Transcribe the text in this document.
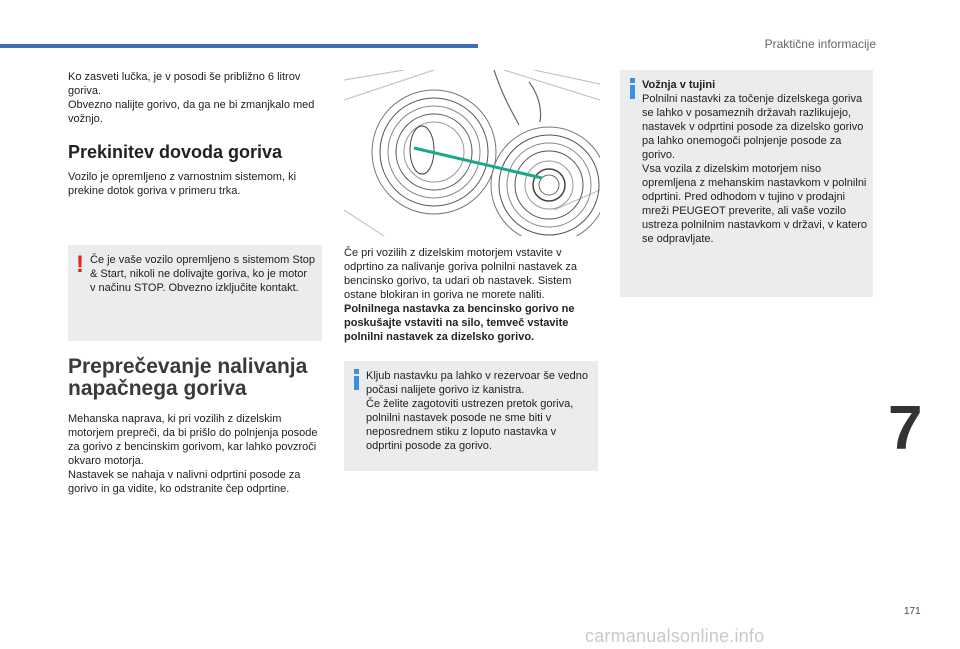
Praktične informacije

Ko zasveti lučka, je v posodi še približno 6 litrov goriva.

Obvezno nalijte gorivo, da ga ne bi zmanjkalo med vožnjo.

Prekinitev dovoda goriva

Vozilo je opremljeno z varnostnim sistemom, ki prekine dotok goriva v primeru trka.

! Če je vaše vozilo opremljeno s sistemom Stop & Start, nikoli ne dolivajte goriva, ko je motor v načinu STOP. Obvezno izključite kontakt.
Preprečevanje nalivanja napačnega goriva

Mehanska naprava, ki pri vozilih z dizelskim motorjem prepreči, da bi prišlo do polnjenja posode za gorivo z bencinskim gorivom, kar lahko povzroči okvaro motorja.

Nastavek se nahaja v nalivni odprtini posode za gorivo in ga vidite, ko odstranite čep odprtine.

Če pri vozilih z dizelskim motorjem vstavite v odprtino za nalivanje goriva polnilni nastavek za bencinsko gorivo, ta udari ob nastavek. Sistem ostane blokiran in goriva ne morete naliti.

Polnilnega nastavka za bencinsko gorivo ne poskušajte vstaviti na silo, temveč vstavite polnilni nastavek za dizelsko gorivo.

Kljub nastavku pa lahko v rezervoar še vedno počasi nalijete gorivo iz kanistra.

Če želite zagotoviti ustrezen pretok goriva, polnilni nastavek posode ne sme biti v neposrednem stiku z loputo nastavka v odprtini posode za gorivo.

Vožnja v tujini

Polnilni nastavki za točenje dizelskega goriva se lahko v posameznih državah razlikujejo, nastavek v odprtini posode za dizelsko gorivo pa lahko onemogoči polnjenje posode za gorivo.

Vsa vozila z dizelskim motorjem niso opremljena z mehanskim nastavkom v polnilni odprtini. Pred odhodom v tujino v prodajni mreži PEUGEOT preverite, ali vaše vozilo ustreza polnilnim nastavkom v državi, v katero se odpravljate.

7
171
carmanualsonline.info
